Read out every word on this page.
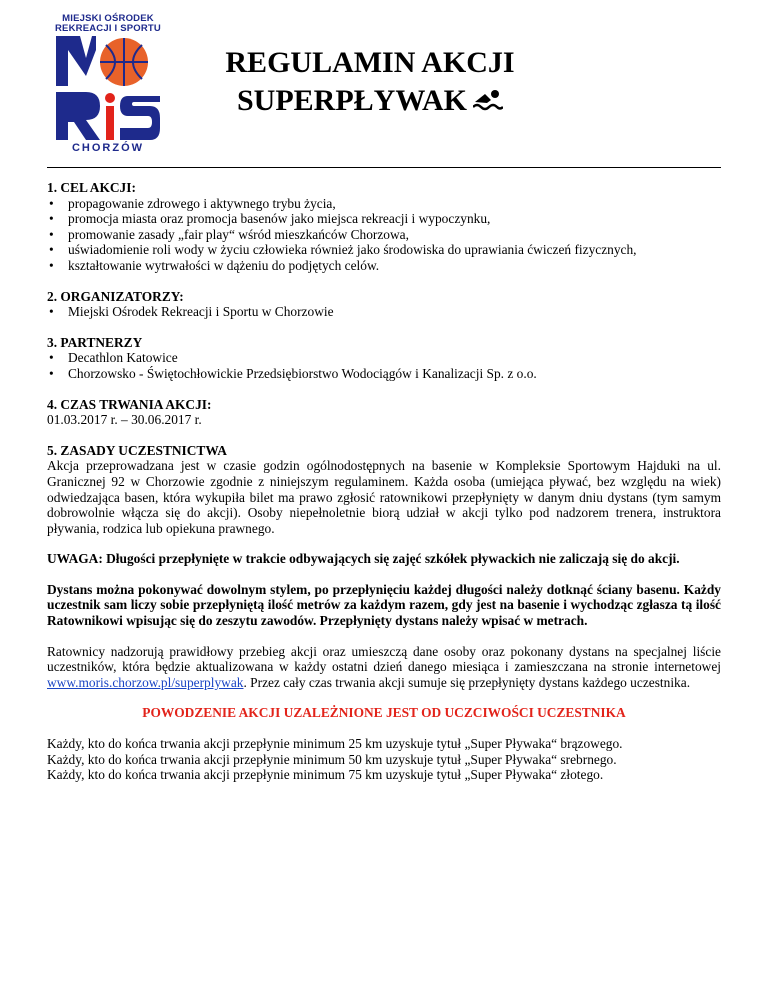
MIEJSKI OŚRODEK
REKREACJI I SPORTU
CHORZÓW
REGULAMIN AKCJI
SUPERPŁYWAK
1. CEL AKCJI:
• propagowanie zdrowego i aktywnego trybu życia,
• promocja miasta oraz promocja basenów jako miejsca rekreacji i wypoczynku,
• promowanie zasady „fair play“ wśród mieszkańców Chorzowa,
• uświadomienie roli wody w życiu człowieka również jako środowiska do uprawiania ćwiczeń fizycznych,
• kształtowanie wytrwałości w dążeniu do podjętych celów.
2. ORGANIZATORZY:
• Miejski Ośrodek Rekreacji i Sportu w Chorzowie
3. PARTNERZY
• Decathlon Katowice
• Chorzowsko - Świętochłowickie Przedsiębiorstwo Wodociągów i Kanalizacji Sp. z o.o.
4. CZAS TRWANIA AKCJI:

01.03.2017 r. – 30.06.2017 r.

5. ZASADY UCZESTNICTWA

Akcja przeprowadzana jest w czasie godzin ogólnodostępnych na basenie w Kompleksie Sportowym Hajduki na ul. Granicznej 92 w Chorzowie zgodnie z niniejszym regulaminem. Każda osoba (umiejąca pływać, bez względu na wiek) odwiedzająca basen, która wykupiła bilet ma prawo zgłosić ratownikowi przepłynięty w danym dniu dystans (tym samym dobrowolnie włącza się do akcji). Osoby niepełnoletnie biorą udział w akcji tylko pod nadzorem trenera, instruktora pływania, rodzica lub opiekuna prawnego.

UWAGA: Długości przepłynięte w trakcie odbywających się zajęć szkółek pływackich nie zaliczają się do akcji.

Dystans można pokonywać dowolnym stylem, po przepłynięciu każdej długości należy dotknąć ściany basenu. Każdy uczestnik sam liczy sobie przepłyniętą ilość metrów za każdym razem, gdy jest na basenie i wychodząc zgłasza tą ilość Ratownikowi wpisując się do zeszytu zawodów. Przepłynięty dystans należy wpisać w metrach.

Ratownicy nadzorują prawidłowy przebieg akcji oraz umieszczą dane osoby oraz pokonany dystans na specjalnej liście uczestników, która będzie aktualizowana w każdy ostatni dzień danego miesiąca i zamieszczana na stronie internetowej www.moris.chorzow.pl/superplywak. Przez cały czas trwania akcji sumuje się przepłynięty dystans każdego uczestnika.

POWODZENIE AKCJI UZALEŻNIONE JEST OD UCZCIWOŚCI UCZESTNIKA

Każdy, kto do końca trwania akcji przepłynie minimum 25 km uzyskuje tytuł „Super Pływaka“ brązowego.

Każdy, kto do końca trwania akcji przepłynie minimum 50 km uzyskuje tytuł „Super Pływaka“ srebrnego.

Każdy, kto do końca trwania akcji przepłynie minimum 75 km uzyskuje tytuł „Super Pływaka“ złotego.
